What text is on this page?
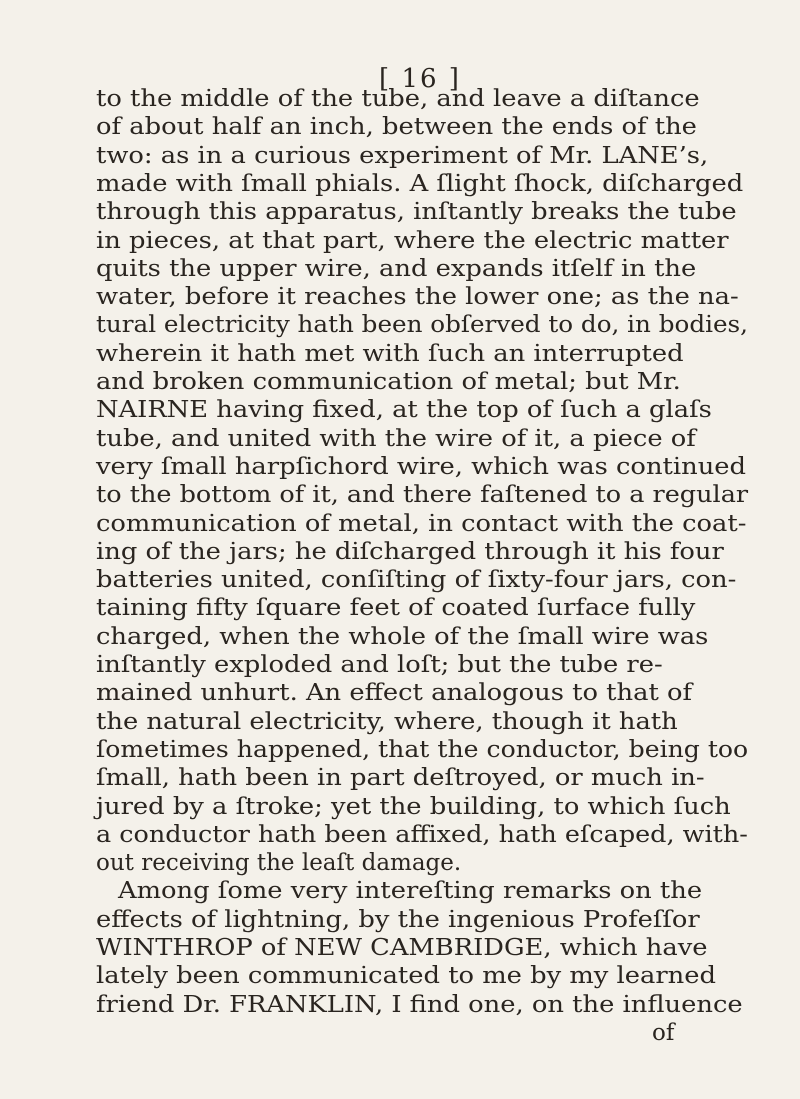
[ 16 ]
to the middle of the tube, and leave a diſtance
of about half an inch, between the ends of the
two: as in a curious experiment of Mr. LANE’s,
made with ſmall phials. A ſlight ſhock, diſcharged
through this apparatus, inſtantly breaks the tube
in pieces, at that part, where the electric matter
quits the upper wire, and expands itſelf in the
water, before it reaches the lower one; as the na-
tural electricity hath been obſerved to do, in bodies,
wherein it hath met with ſuch an interrupted
and broken communication of metal; but Mr.
NAIRNE having fixed, at the top of ſuch a glaſs
tube, and united with the wire of it, a piece of
very ſmall harpſichord wire, which was continued
to the bottom of it, and there faſtened to a regular
communication of metal, in contact with the coat-
ing of the jars; he diſcharged through it his four
batteries united, conſiſting of ſixty-four jars, con-
taining fifty ſquare feet of coated ſurface fully
charged, when the whole of the ſmall wire was
inſtantly exploded and loſt; but the tube re-
mained unhurt. An effect analogous to that of
the natural electricity, where, though it hath
ſometimes happened, that the conductor, being too
ſmall, hath been in part deſtroyed, or much in-
jured by a ſtroke; yet the building, to which ſuch
a conductor hath been affixed, hath eſcaped, with-
out receiving the leaſt damage.
Among ſome very intereſting remarks on the
effects of lightning, by the ingenious Profeſſor
WINTHROP of NEW CAMBRIDGE, which have
lately been communicated to me by my learned
friend Dr. FRANKLIN, I find one, on the influence
of
